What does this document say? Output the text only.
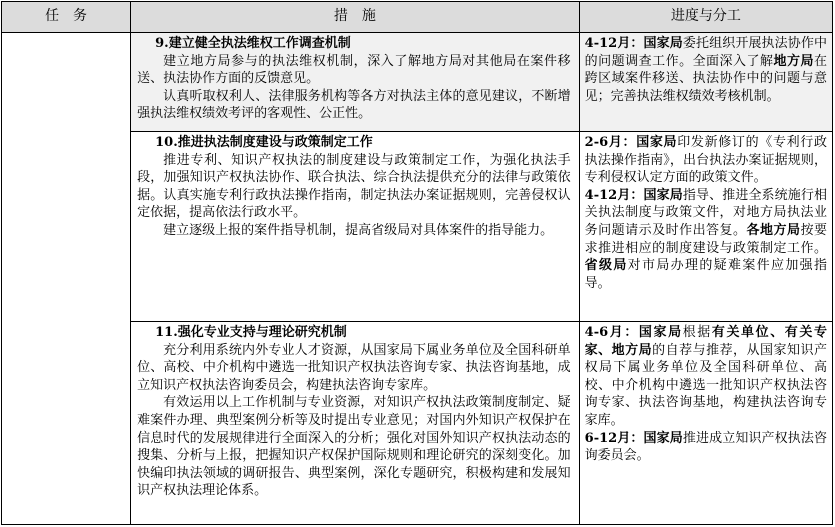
任　务	措　施	进度与分工

	9.建立健全执法维权工作调查机制
建立地方局参与的执法维权机制，深入了解地方局对其他局在案件移送、执法协作方面的反馈意见。
认真听取权利人、法律服务机构等各方对执法主体的意见建议，不断增强执法维权绩效考评的客观性、公正性。	4-12月：国家局委托组织开展执法协作中的问题调查工作。全面深入了解地方局在跨区域案件移送、执法协作中的问题与意见；完善执法维权绩效考核机制。

	10.推进执法制度建设与政策制定工作
推进专利、知识产权执法的制度建设与政策制定工作，为强化执法手段，加强知识产权执法协作、联合执法、综合执法提供充分的法律与政策依据。认真实施专利行政执法操作指南，制定执法办案证据规则，完善侵权认定依据，提高依法行政水平。
建立逐级上报的案件指导机制，提高省级局对具体案件的指导能力。	2-6月：国家局印发新修订的《专利行政执法操作指南》，出台执法办案证据规则，专利侵权认定方面的政策文件。
4-12月：国家局指导、推进全系统施行相关执法制度与政策文件，对地方局执法业务问题请示及时作出答复。各地方局按要求推进相应的制度建设与政策制定工作。省级局对市局办理的疑难案件应加强指导。

	11.强化专业支持与理论研究机制
充分利用系统内外专业人才资源，从国家局下属业务单位及全国科研单位、高校、中介机构中遴选一批知识产权执法咨询专家、执法咨询基地，成立知识产权执法咨询委员会，构建执法咨询专家库。
有效运用以上工作机制与专业资源，对知识产权执法政策制度制定、疑难案件办理、典型案例分析等及时提出专业意见；对国内外知识产权保护在信息时代的发展规律进行全面深入的分析；强化对国外知识产权执法动态的搜集、分析与上报，把握知识产权保护国际规则和理论研究的深刻变化。加快编印执法领域的调研报告、典型案例，深化专题研究，积极构建和发展知识产权执法理论体系。	4-6月：国家局根据有关单位、有关专家、地方局的自荐与推荐，从国家知识产权局下属业务单位及全国科研单位、高校、中介机构中遴选一批知识产权执法咨询专家、执法咨询基地，构建执法咨询专家库。
6-12月：国家局推进成立知识产权执法咨询委员会。
